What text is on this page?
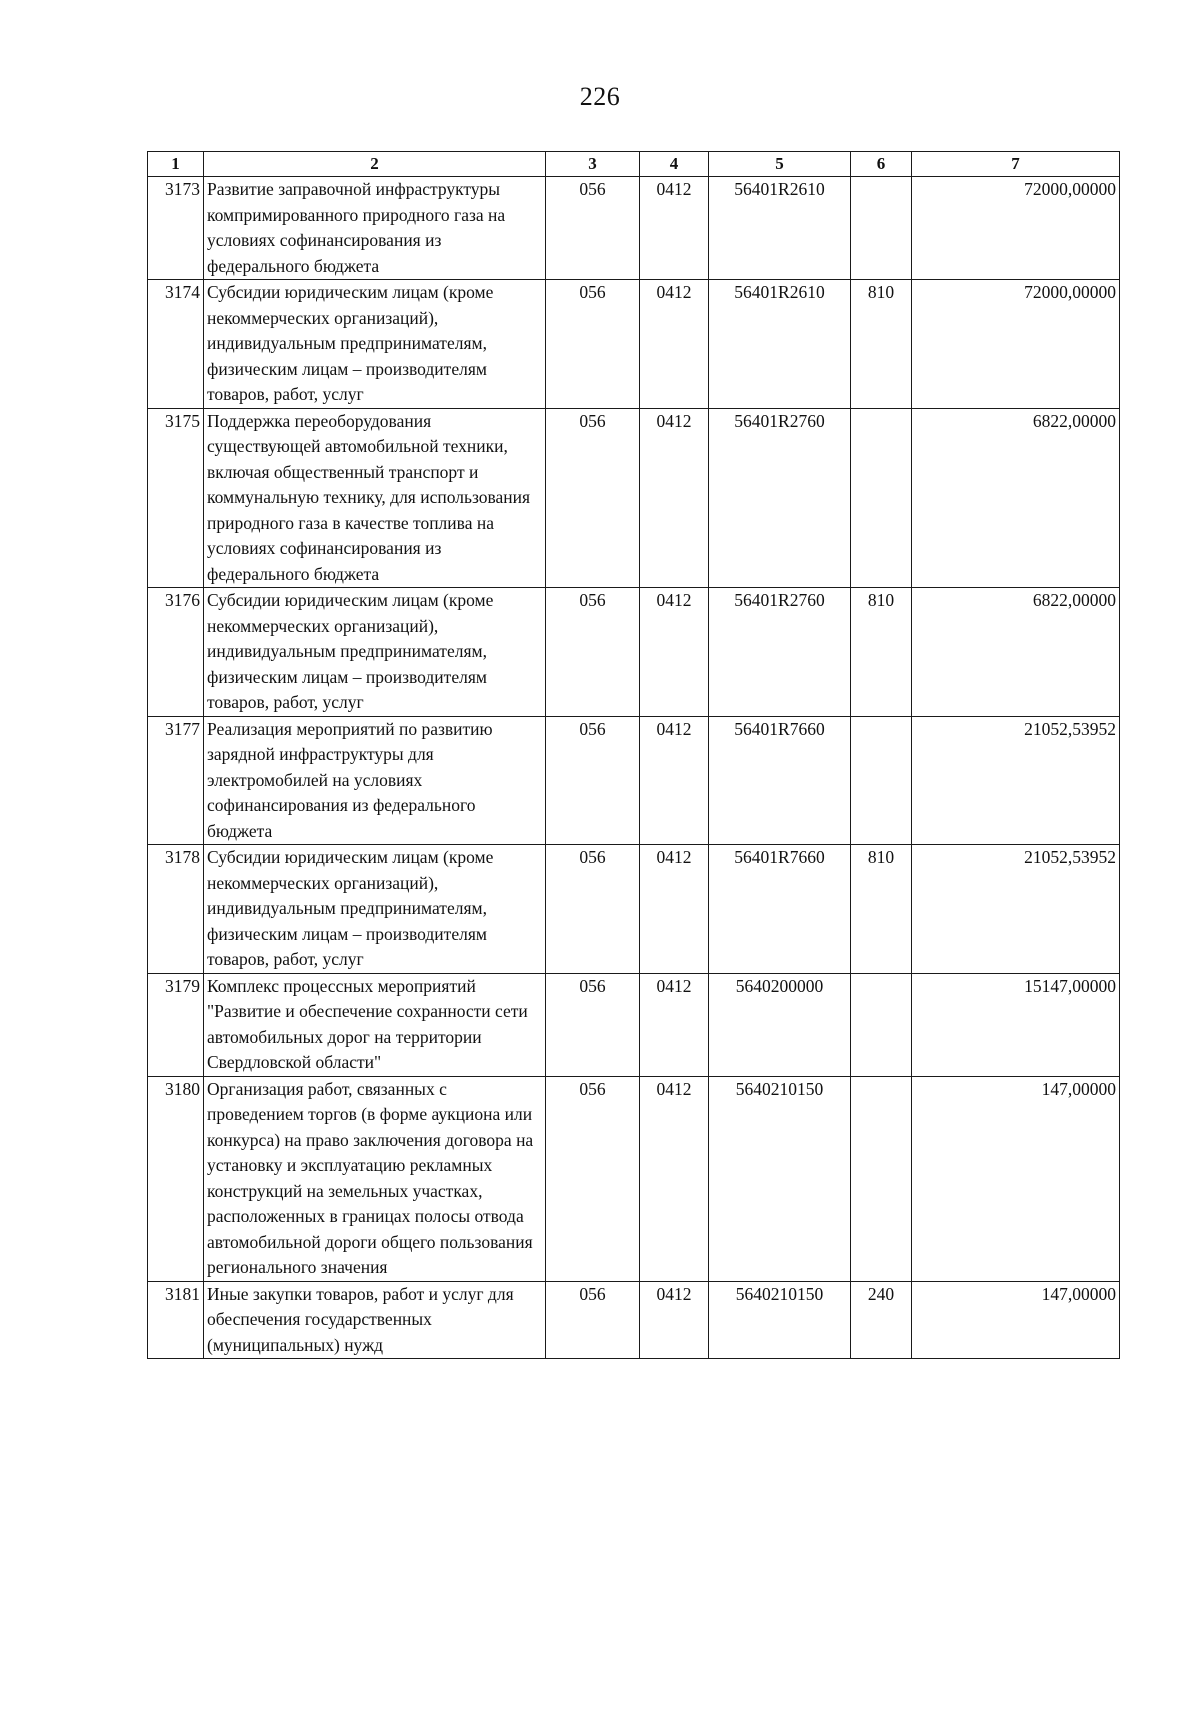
226
1	2	3	4	5	6	7
3173	Развитие заправочной инфраструктуры компримированного природного газа на условиях софинансирования из федерального бюджета	056	0412	56401R2610		72000,00000
3174	Субсидии юридическим лицам (кроме некоммерческих организаций), индивидуальным предпринимателям, физическим лицам – производителям товаров, работ, услуг	056	0412	56401R2610	810	72000,00000
3175	Поддержка переоборудования существующей автомобильной техники, включая общественный транспорт и коммунальную технику, для использования природного газа в качестве топлива на условиях софинансирования из федерального бюджета	056	0412	56401R2760		6822,00000
3176	Субсидии юридическим лицам (кроме некоммерческих организаций), индивидуальным предпринимателям, физическим лицам – производителям товаров, работ, услуг	056	0412	56401R2760	810	6822,00000
3177	Реализация мероприятий по развитию зарядной инфраструктуры для электромобилей на условиях софинансирования из федерального бюджета	056	0412	56401R7660		21052,53952
3178	Субсидии юридическим лицам (кроме некоммерческих организаций), индивидуальным предпринимателям, физическим лицам – производителям товаров, работ, услуг	056	0412	56401R7660	810	21052,53952
3179	Комплекс процессных мероприятий "Развитие и обеспечение сохранности сети автомобильных дорог на территории Свердловской области"	056	0412	5640200000		15147,00000
3180	Организация работ, связанных с проведением торгов (в форме аукциона или конкурса) на право заключения договора на установку и эксплуатацию рекламных конструкций на земельных участках, расположенных в границах полосы отвода автомобильной дороги общего пользования регионального значения	056	0412	5640210150		147,00000
3181	Иные закупки товаров, работ и услуг для обеспечения государственных (муниципальных) нужд	056	0412	5640210150	240	147,00000
